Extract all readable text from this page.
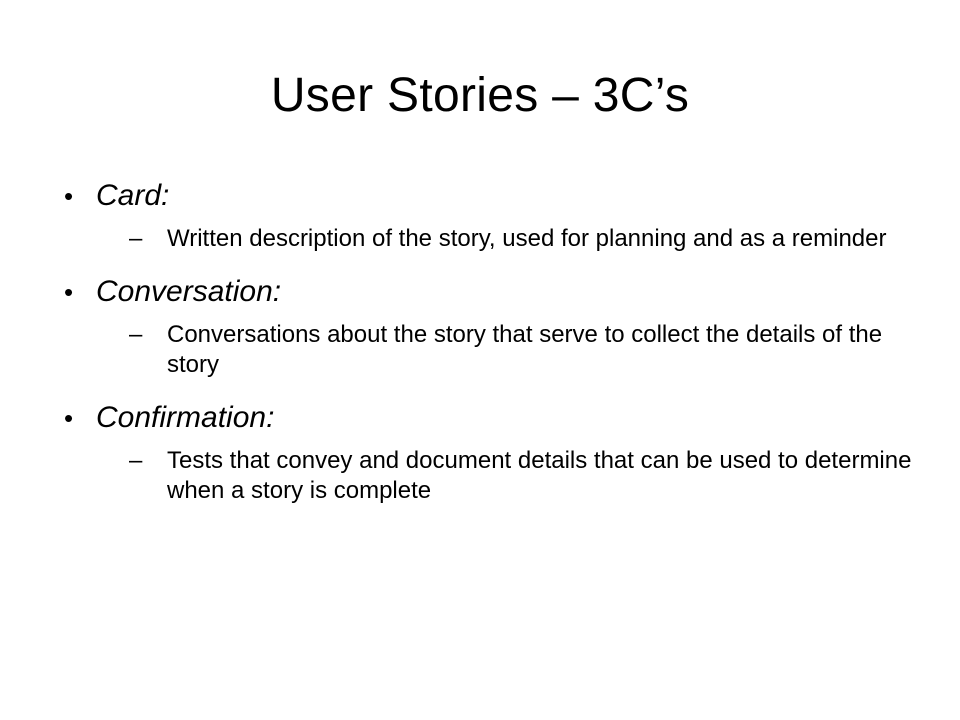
User Stories – 3C’s
• Card:
– Written description of the story, used for planning and as a reminder
• Conversation:
– Conversations about the story that serve to collect the details of the story
• Confirmation:
– Tests that convey and document details that can be used to determine when a story is complete
